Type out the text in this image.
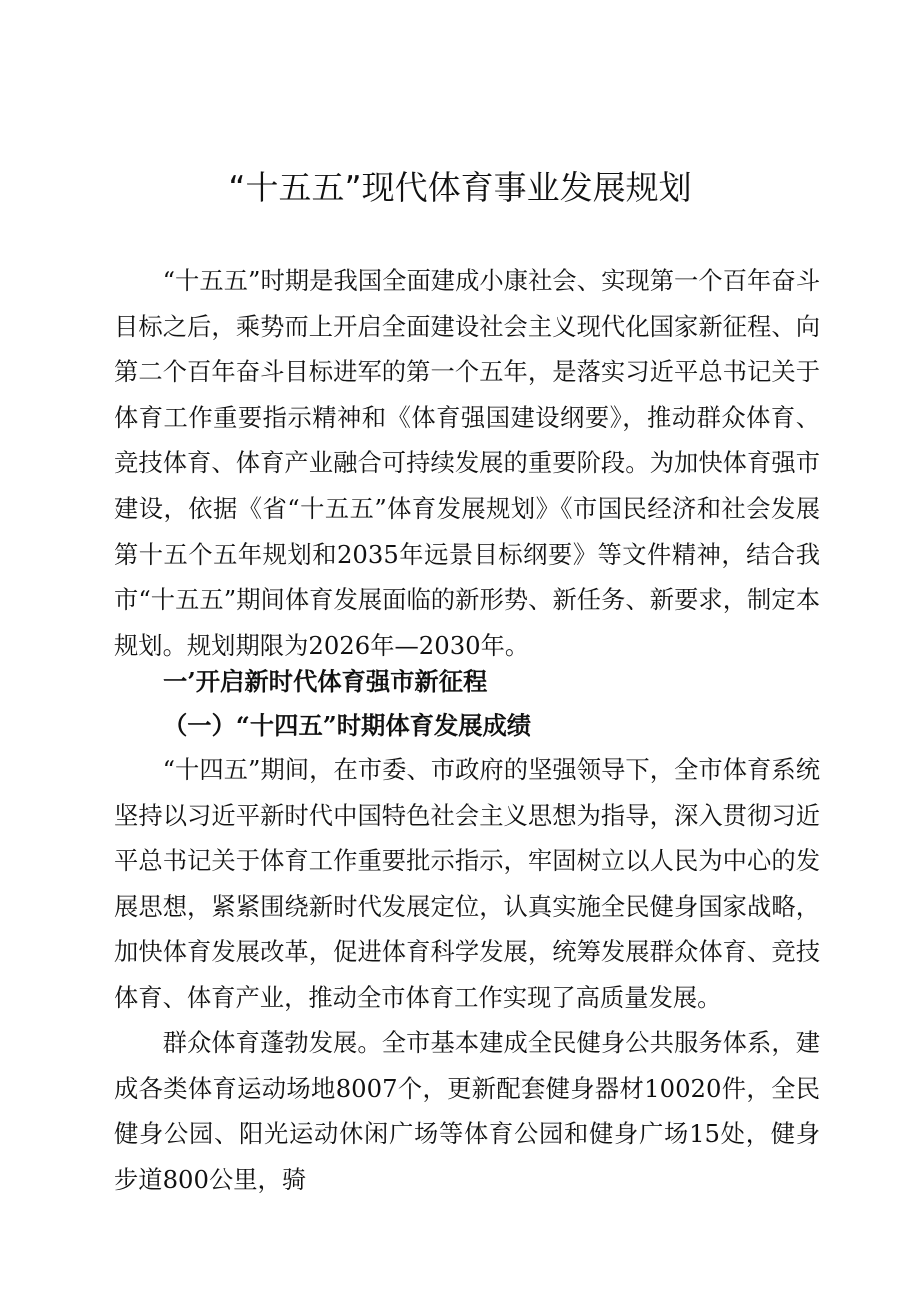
“十五五”现代体育事业发展规划

“十五五”时期是我国全面建成小康社会、实现第一个百年奋斗目标之后，乘势而上开启全面建设社会主义现代化国家新征程、向第二个百年奋斗目标进军的第一个五年，是落实习近平总书记关于体育工作重要指示精神和《体育强国建设纲要》，推动群众体育、竞技体育、体育产业融合可持续发展的重要阶段。为加快体育强市建设，依据《省“十五五”体育发展规划》《市国民经济和社会发展第十五个五年规划和2035年远景目标纲要》等文件精神，结合我市“十五五”期间体育发展面临的新形势、新任务、新要求，制定本规划。规划期限为2026年—2030年。

一’开启新时代体育强市新征程

（一）“十四五”时期体育发展成绩

“十四五”期间，在市委、市政府的坚强领导下，全市体育系统坚持以习近平新时代中国特色社会主义思想为指导，深入贯彻习近平总书记关于体育工作重要批示指示，牢固树立以人民为中心的发展思想，紧紧围绕新时代发展定位，认真实施全民健身国家战略，加快体育发展改革，促进体育科学发展，统筹发展群众体育、竞技体育、体育产业，推动全市体育工作实现了高质量发展。

群众体育蓬勃发展。全市基本建成全民健身公共服务体系，建成各类体育运动场地8007个，更新配套健身器材10020件，全民健身公园、阳光运动休闲广场等体育公园和健身广场15处，健身步道800公里，骑
